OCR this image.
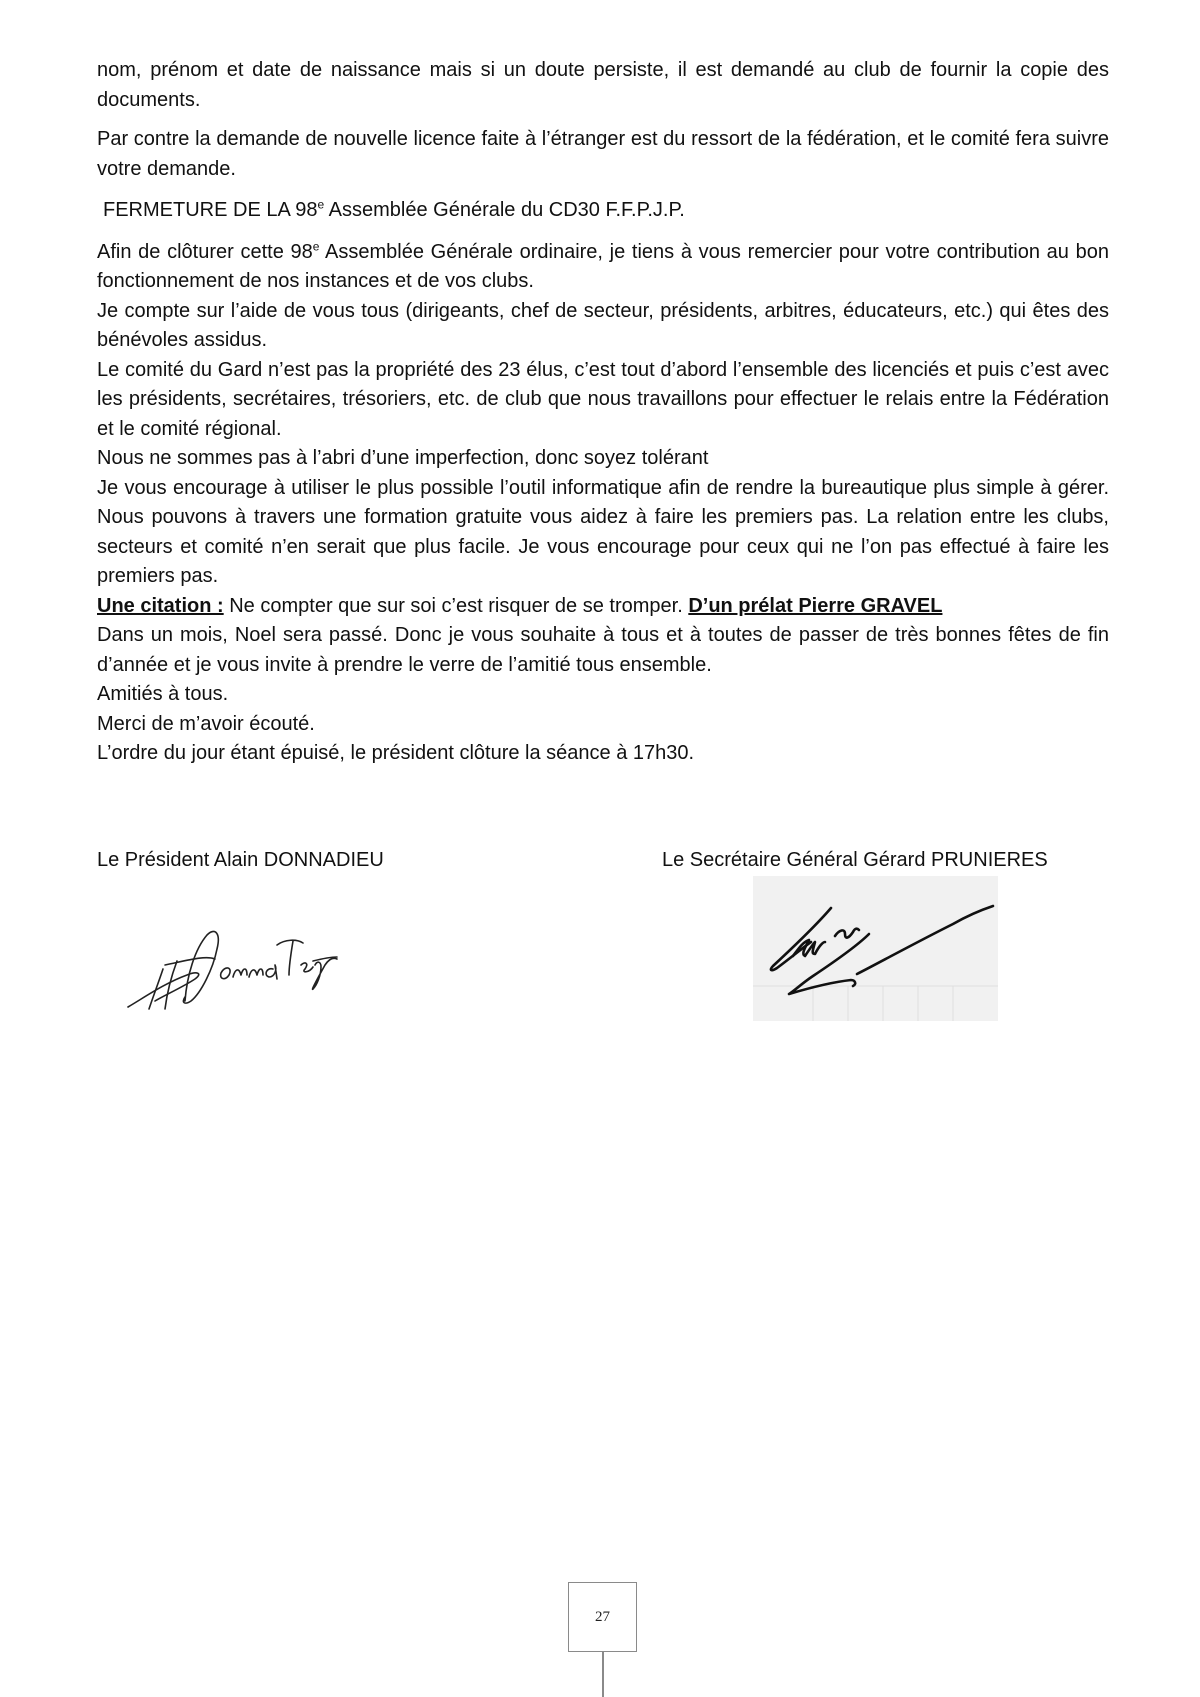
nom, prénom et date de naissance mais si un doute persiste, il est demandé au club de fournir la copie des documents.

Par contre la demande de nouvelle licence faite à l’étranger est du ressort de la fédération, et le comité fera suivre votre demande.

FERMETURE DE LA 98e Assemblée Générale du CD30 F.F.P.J.P.

Afin de clôturer cette 98e Assemblée Générale ordinaire, je tiens à vous remercier pour votre contribution au bon fonctionnement de nos instances et de vos clubs.

Je compte sur l’aide de vous tous (dirigeants, chef de secteur, présidents, arbitres, éducateurs, etc.) qui êtes des bénévoles assidus.

Le comité du Gard n’est pas la propriété des 23 élus, c’est tout d’abord l’ensemble des licenciés et puis c’est avec les présidents, secrétaires, trésoriers, etc. de club que nous travaillons pour effectuer le relais entre la Fédération et le comité régional.

Nous ne sommes pas à l’abri d’une imperfection, donc soyez tolérant

Je vous encourage à utiliser le plus possible l’outil informatique afin de rendre la bureautique plus simple à gérer. Nous pouvons à travers une formation gratuite vous aidez à faire les premiers pas. La relation entre les clubs, secteurs et comité n’en serait que plus facile. Je vous encourage pour ceux qui ne l’on pas effectué à faire les premiers pas.

Une citation : Ne compter que sur soi c’est risquer de se tromper. D’un prélat Pierre GRAVEL

Dans un mois, Noel sera passé. Donc je vous souhaite à tous et à toutes de passer de très bonnes fêtes de fin d’année et je vous invite à prendre le verre de l’amitié tous ensemble.

Amitiés à tous.

Merci de m’avoir écouté.

L’ordre du jour étant épuisé, le président clôture la séance à 17h30.

Le Président Alain DONNADIEU	Le Secrétaire Général Gérard PRUNIERES
27
